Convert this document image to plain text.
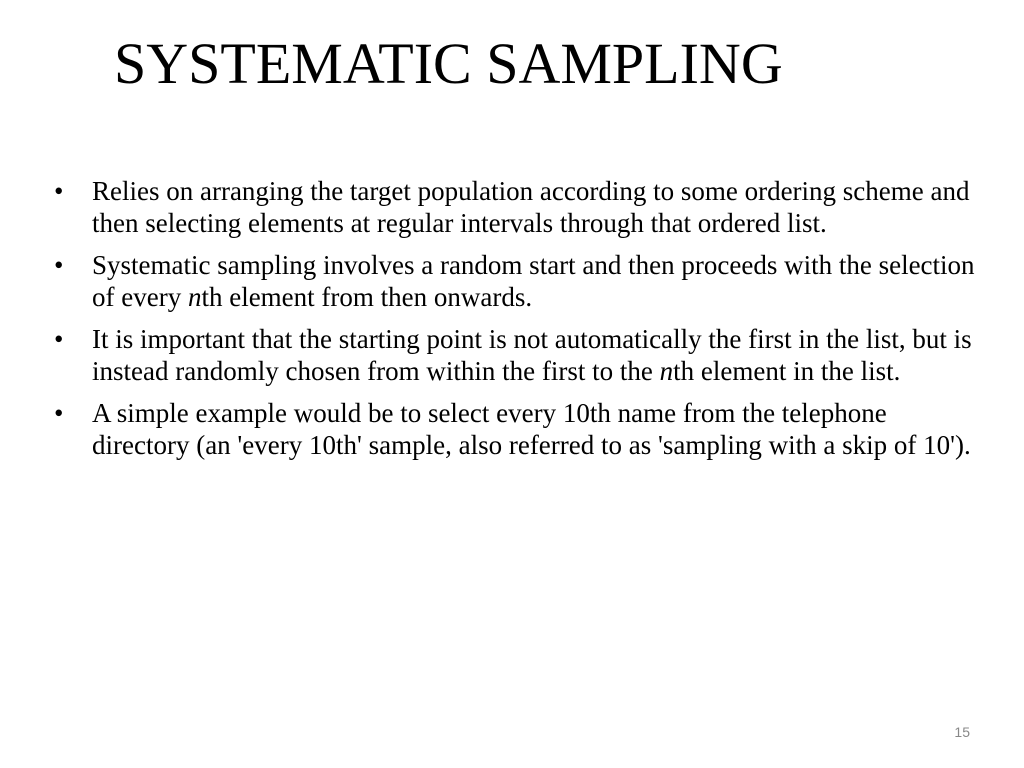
SYSTEMATIC SAMPLING
•	Relies on arranging the target population according to some ordering scheme and then selecting elements at regular intervals through that ordered list.
•	Systematic sampling involves a random start and then proceeds with the selection of every nth element from then onwards.
•	It is important that the starting point is not automatically the first in the list, but is instead randomly chosen from within the first to the nth element in the list.
•	A simple example would be to select every 10th name from the telephone directory (an 'every 10th' sample, also referred to as 'sampling with a skip of 10').
15
